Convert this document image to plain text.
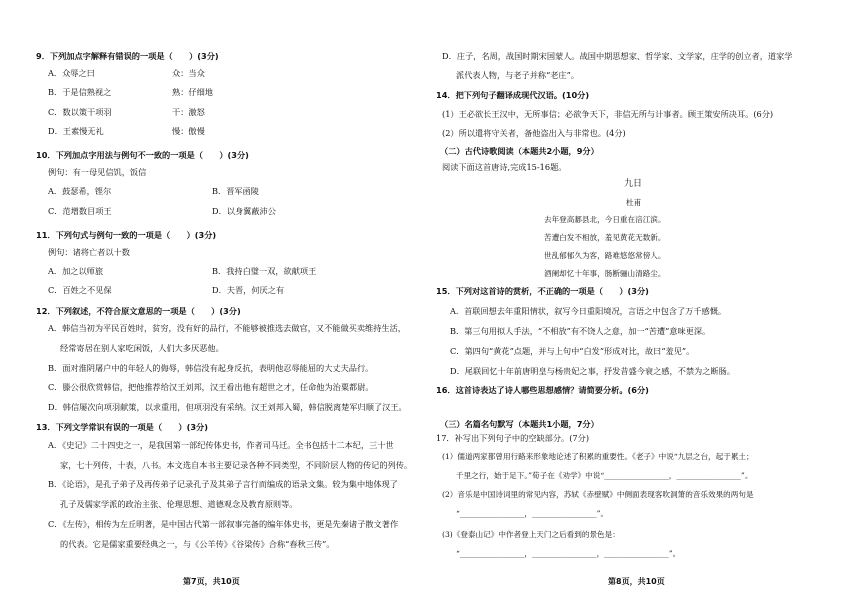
9．下列加点字解释有错误的一项是（　　）(3分)
A．众辱之曰	众：当众
B．于是信熟视之	熟：仔细地
C．数以策干项羽	干：激怒
D．王素慢无礼	慢：傲慢
10．下列加点字用法与例句不一致的一项是（　　）(3分)
例句：有一母见信饥，饭信
A．鼓瑟希，铿尔	B．晋军函陵
C．范增数目项王	D．以身翼蔽沛公
11．下列句式与例句一致的一项是（　　）(3分)
例句：诸将亡者以十数
A．加之以师旅	B．我持白璧一双，欲献项王
C．百姓之不见保	D．夫晋，何厌之有
12．下列叙述，不符合原文意思的一项是（　　）(3分)
A．韩信当初为平民百姓时，贫穷，没有好的品行，不能够被推选去做官，又不能做买卖维持生活，
经常寄居在别人家吃闲饭，人们大多厌恶他。
B．面对淮阴屠户中的年轻人的侮辱，韩信没有起身反抗，表明他忍辱能屈的大丈夫品行。
C．滕公很欣赏韩信，把他推荐给汉王刘邦，汉王看出他有超世之才，任命他为治粟都尉。
D．韩信屡次向项羽献策，以求重用，但项羽没有采纳。汉王刘邦入蜀，韩信脱离楚军归顺了汉王。
13．下列文学常识有误的一项是（　　）(3分)
A．《史记》二十四史之一，是我国第一部纪传体史书，作者司马迁。全书包括十二本纪，三十世
家，七十列传，十表，八书。本文选自本书主要记录各种不同类型，不同阶层人物的传记的列传。
B．《论语》，是孔子弟子及再传弟子记录孔子及其弟子言行而编成的语录文集。较为集中地体现了
孔子及儒家学派的政治主张、伦理思想、道德观念及教育原则等。
C．《左传》，相传为左丘明著，是中国古代第一部叙事完备的编年体史书，更是先秦诸子散文著作
的代表。它是儒家重要经典之一，与《公羊传》《谷梁传》合称“春秋三传”。
第7页，共10页
D．庄子，名周，战国时期宋国蒙人。战国中期思想家、哲学家、文学家，庄学的创立者，道家学
派代表人物，与老子并称“老庄”。
14．把下列句子翻译成现代汉语。(10分)
(1）王必欲长王汉中，无所事信；必欲争天下，非信无所与计事者。顾王策安所决耳。(6分)
(2）所以遣将守关者，备他盗出入与非常也。(4分)
（二）古代诗歌阅读（本题共2小题，9分）
阅读下面这首唐诗,完成15-16题。
九日
杜甫
去年登高郪县北，今日重在涪江滨。
苦遭白发不相放，羞见黄花无数新。
世乱郁郁久为客，路难悠悠常傍人。
酒阑却忆十年事，肠断骊山清路尘。
15．下列对这首诗的赏析，不正确的一项是（　　）(3分)
A．首联回想去年重阳情状，叙写今日重阳境况，言语之中包含了万千感慨。
B．第三句用拟人手法，“不相放”有不饶人之意，加一“苦遭”意味更深。
C．第四句“黄花”点题，并与上句中“白发”形成对比，故曰“羞见”。
D．尾联回忆十年前唐明皇与杨贵妃之事，抒发昔盛今衰之感，不禁为之断肠。
16．这首诗表达了诗人哪些思想感情？请简要分析。(6分)
（三）名篇名句默写（本题共1小题，7分）
17．补写出下列句子中的空缺部分。(7分)
(1）儒道两家都曾用行路来形象地论述了积累的重要性。《老子》中说“九层之台，起于累土；
千里之行，始于足下。”荀子在《劝学》中说“_________________，_________________”。
(2）音乐是中国诗词里的常见内容，苏轼《赤壁赋》中侧面表现客吹洞箫的音乐效果的两句是
“_________________，_________________”。
(3)《登泰山记》中作者登上天门之后看到的景色是：
“_________________，_________________，_________________”。
第8页，共10页
